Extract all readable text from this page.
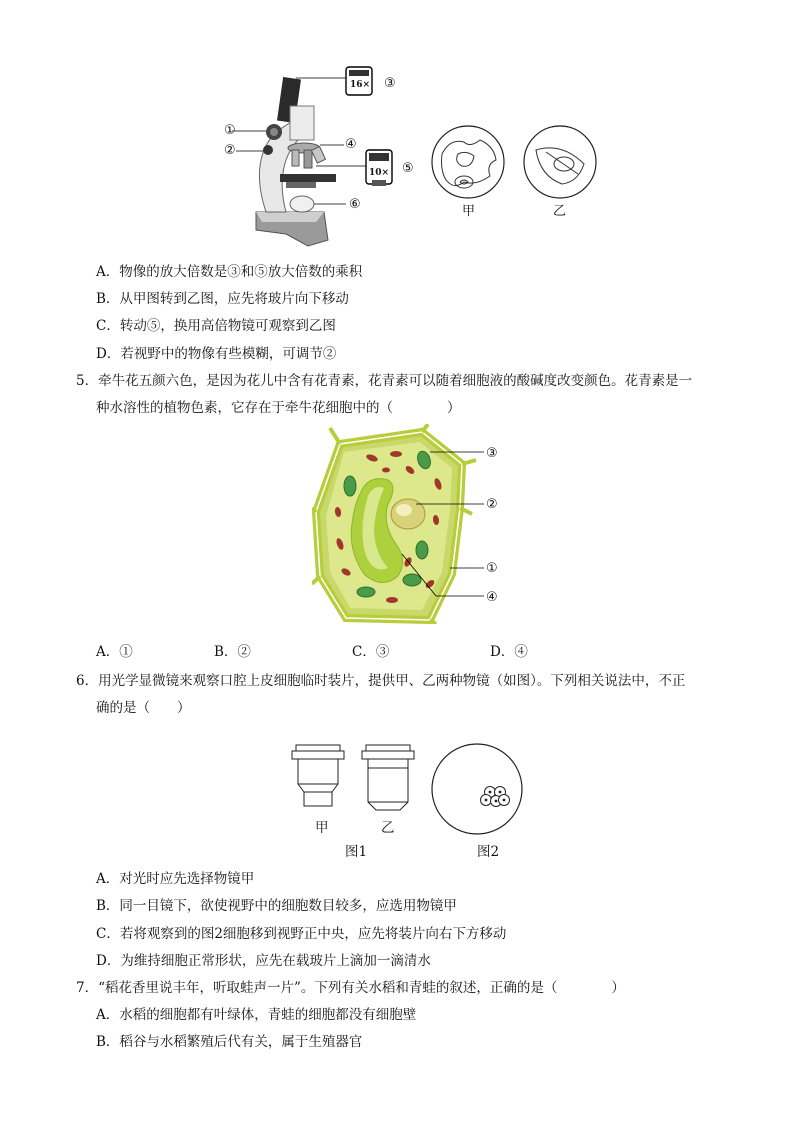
①
②
③
④
⑤
⑥
16×
10×
甲	乙
A．物像的放大倍数是③和⑤放大倍数的乘积
B．从甲图转到乙图，应先将玻片向下移动
C．转动⑤，换用高倍物镜可观察到乙图
D．若视野中的物像有些模糊，可调节②
5．牵牛花五颜六色，是因为花儿中含有花青素，花青素可以随着细胞液的酸碱度改变颜色。花青素是一
种水溶性的植物色素，它存在于牵牛花细胞中的（　　　　）
③
②
①
④
A．①	B．②	C．③	D．④
6．用光学显微镜来观察口腔上皮细胞临时装片，提供甲、乙两种物镜（如图）。下列相关说法中，不正
确的是（　　）
甲	乙
图1	图2
A．对光时应先选择物镜甲
B．同一目镜下，欲使视野中的细胞数目较多，应选用物镜甲
C．若将观察到的图2细胞移到视野正中央，应先将装片向右下方移动
D．为维持细胞正常形状，应先在载玻片上滴加一滴清水
7．“稻花香里说丰年，听取蛙声一片”。下列有关水稻和青蛙的叙述，正确的是（　　　　）
A．水稻的细胞都有叶绿体，青蛙的细胞都没有细胞壁
B．稻谷与水稻繁殖后代有关，属于生殖器官
